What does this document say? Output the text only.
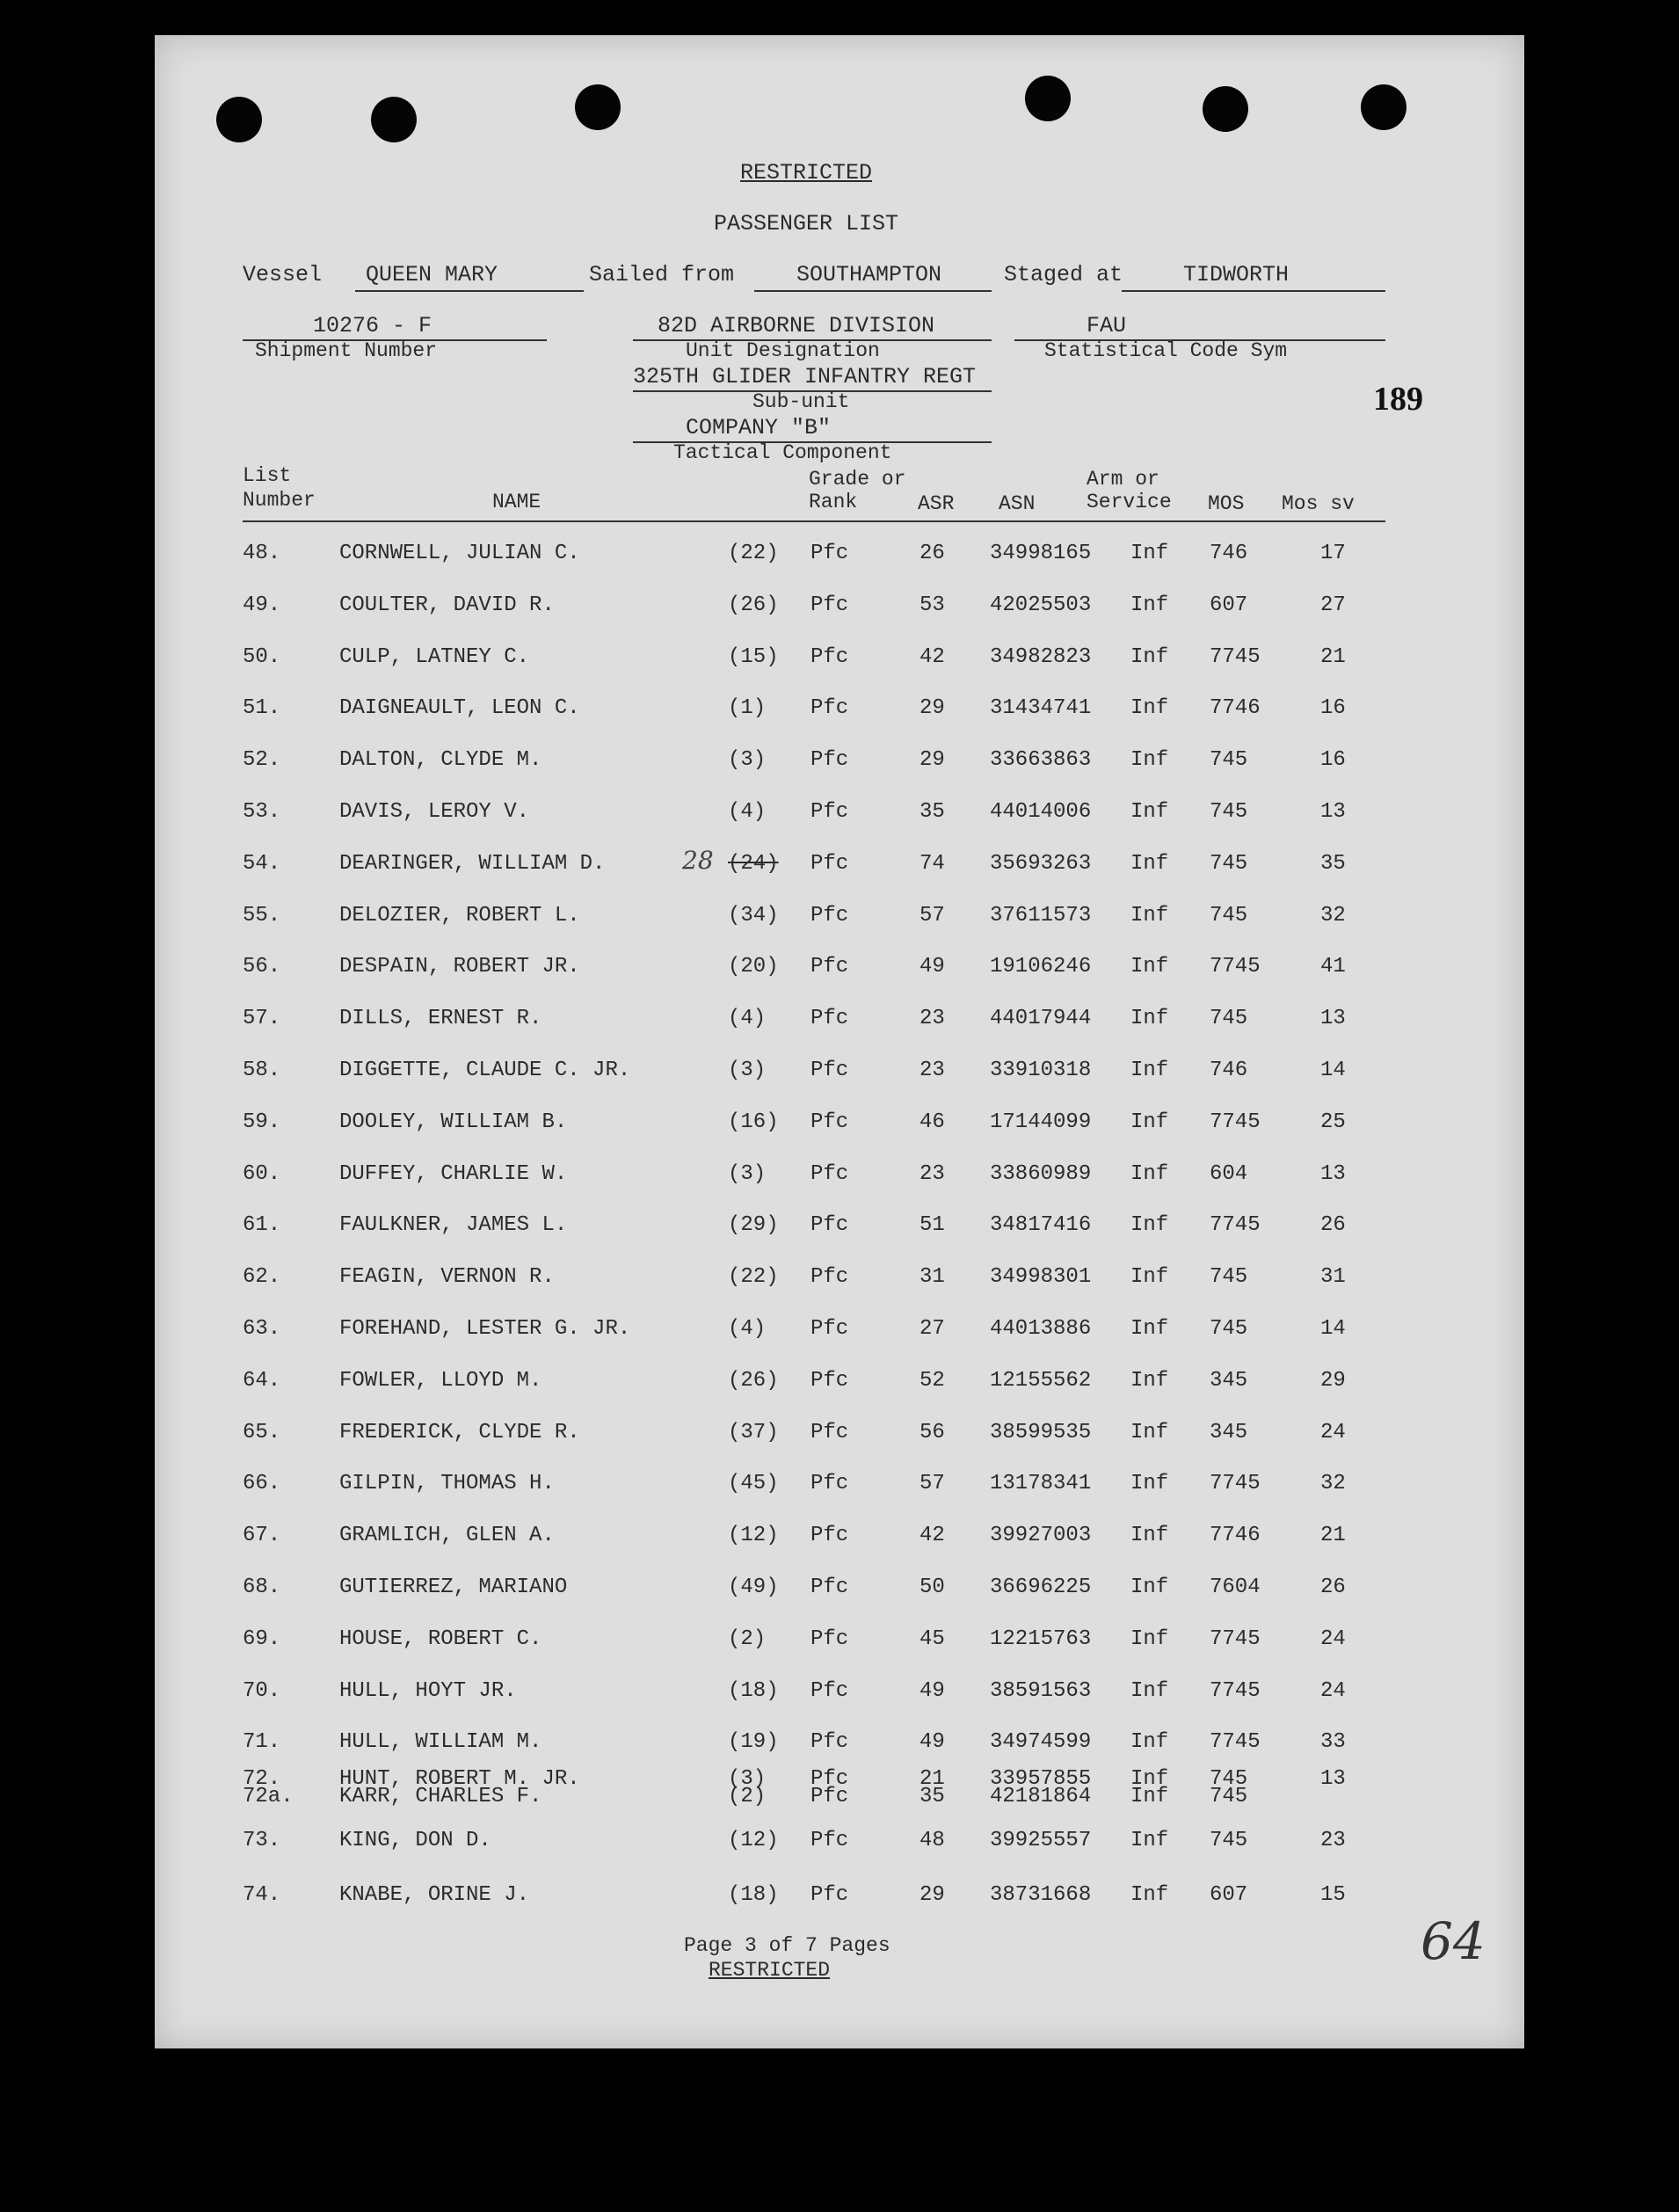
RESTRICTED
PASSENGER LIST
Vessel QUEEN MARY	Sailed from	SOUTHAMPTON	Staged at	TIDWORTH
10276 - F
Shipment Number
82D AIRBORNE DIVISION
Unit Designation
FAU
Statistical Code Sym
325TH GLIDER INFANTRY REGT
Sub-unit
COMPANY "B"
Tactical Component
189
List
Number	NAME
Grade or
Rank	ASR ASN
Arm or
Service MOS Mos sv
48.	CORNWELL, JULIAN C.	(22) Pfc	26 34998165 Inf 746	17
49.	COULTER, DAVID R.	(26) Pfc	53 42025503 Inf 607	27
50.	CULP, LATNEY C.	(15) Pfc	42 34982823 Inf 7745	21
51.	DAIGNEAULT, LEON C.	(1) Pfc	29 31434741 Inf 7746	16
52.	DALTON, CLYDE M.	(3) Pfc	29 33663863 Inf 745	16
53.	DAVIS, LEROY V.	(4) Pfc	35 44014006 Inf 745	13
54.	DEARINGER, WILLIAM D.	(24) Pfc	74 35693263 Inf 745	35
55.	DELOZIER, ROBERT L.	(34) Pfc	57 37611573 Inf 745	32
56.	DESPAIN, ROBERT JR.	(20) Pfc	49 19106246 Inf 7745	41
57.	DILLS, ERNEST R.	(4) Pfc	23 44017944 Inf 745	13
58.	DIGGETTE, CLAUDE C. JR.	(3) Pfc	23 33910318 Inf 746	14
59.	DOOLEY, WILLIAM B.	(16) Pfc	46 17144099 Inf 7745	25
60.	DUFFEY, CHARLIE W.	(3) Pfc	23 33860989 Inf 604	13
61.	FAULKNER, JAMES L.	(29) Pfc	51 34817416 Inf 7745	26
62.	FEAGIN, VERNON R.	(22) Pfc	31 34998301 Inf 745	31
63.	FOREHAND, LESTER G. JR.	(4) Pfc	27 44013886 Inf 745	14
64.	FOWLER, LLOYD M.	(26) Pfc	52 12155562 Inf 345	29
65.	FREDERICK, CLYDE R.	(37) Pfc	56 38599535 Inf 345	24
66.	GILPIN, THOMAS H.	(45) Pfc	57 13178341 Inf 7745	32
67.	GRAMLICH, GLEN A.	(12) Pfc	42 39927003 Inf 7746	21
68.	GUTIERREZ, MARIANO	(49) Pfc	50 36696225 Inf 7604	26
69.	HOUSE, ROBERT C.	(2) Pfc	45 12215763 Inf 7745	24
70.	HULL, HOYT JR.	(18) Pfc	49 38591563 Inf 7745	24
71.	HULL, WILLIAM M.	(19) Pfc	49 34974599 Inf 7745	33
72.	HUNT, ROBERT M. JR.	(3) Pfc	21 33957855 Inf 745	13
72a. KARR, CHARLES F.	(2) Pfc	35 42181864 Inf 745
73.	KING, DON D.	(12) Pfc	48 39925557 Inf 745	23
74.	KNABE, ORINE J.	(18) Pfc	29 38731668 Inf 607	15
28
Page 3 of 7 Pages
RESTRICTED	64
